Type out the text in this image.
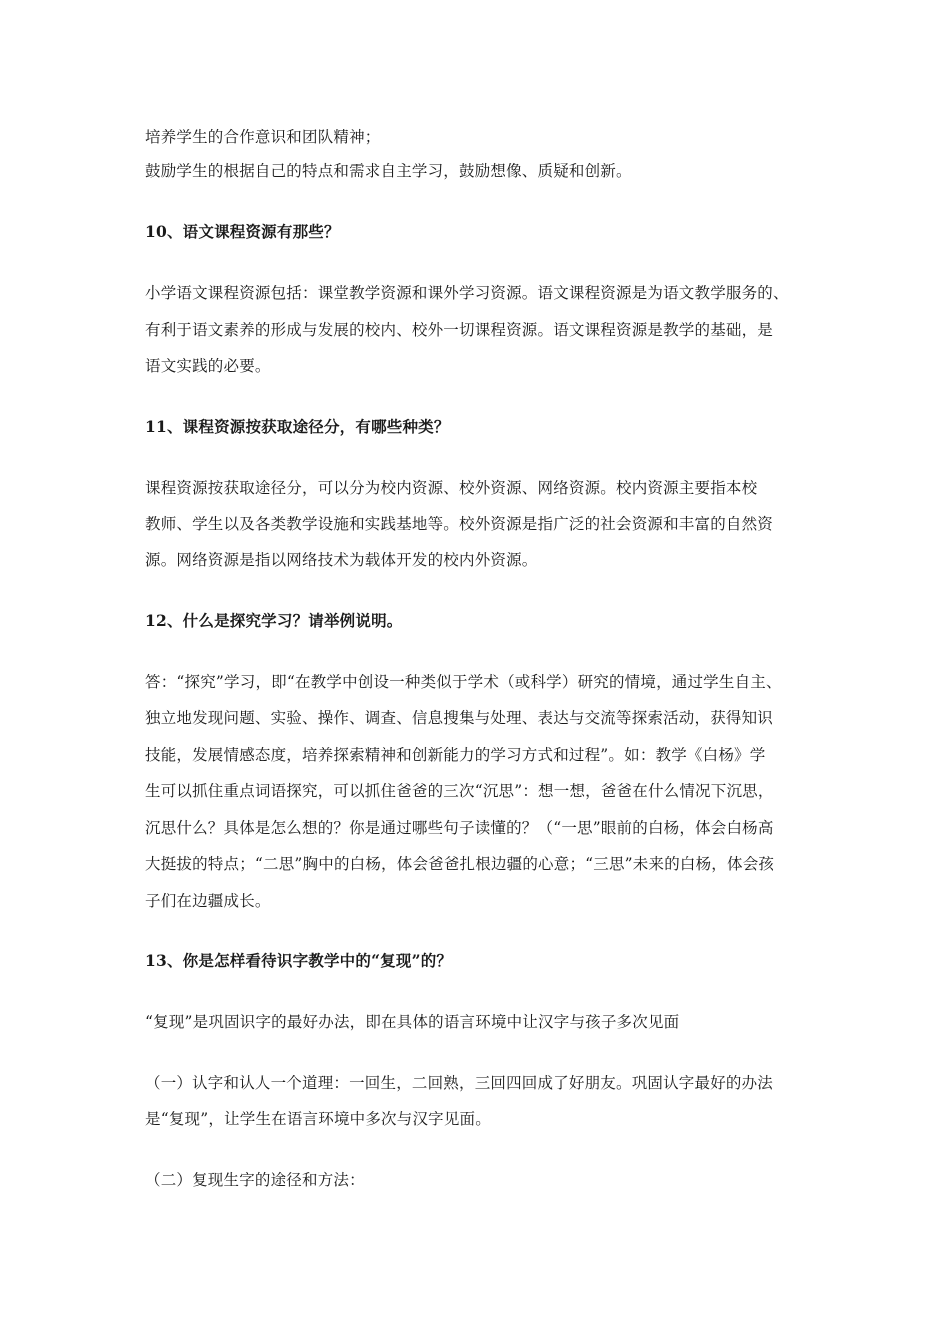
培养学生的合作意识和团队精神；
鼓励学生的根据自己的特点和需求自主学习，鼓励想像、质疑和创新。
10、语文课程资源有那些？
小学语文课程资源包括：课堂教学资源和课外学习资源。语文课程资源是为语文教学服务的、
有利于语文素养的形成与发展的校内、校外一切课程资源。语文课程资源是教学的基础，是
语文实践的必要。
11、课程资源按获取途径分，有哪些种类？
课程资源按获取途径分，可以分为校内资源、校外资源、网络资源。校内资源主要指本校
教师、学生以及各类教学设施和实践基地等。校外资源是指广泛的社会资源和丰富的自然资
源。网络资源是指以网络技术为载体开发的校内外资源。
12、什么是探究学习？请举例说明。
答：“探究”学习，即“在教学中创设一种类似于学术（或科学）研究的情境，通过学生自主、
独立地发现问题、实验、操作、调查、信息搜集与处理、表达与交流等探索活动，获得知识
技能，发展情感态度，培养探索精神和创新能力的学习方式和过程”。如：教学《白杨》学
生可以抓住重点词语探究，可以抓住爸爸的三次“沉思”：想一想，爸爸在什么情况下沉思，
沉思什么？具体是怎么想的？你是通过哪些句子读懂的？（“一思”眼前的白杨，体会白杨高
大挺拔的特点；“二思”胸中的白杨，体会爸爸扎根边疆的心意；“三思”未来的白杨，体会孩
子们在边疆成长。
13、你是怎样看待识字教学中的“复现”的？
“复现”是巩固识字的最好办法，即在具体的语言环境中让汉字与孩子多次见面
（一）认字和认人一个道理：一回生，二回熟，三回四回成了好朋友。巩固认字最好的办法
是“复现”，让学生在语言环境中多次与汉字见面。
（二）复现生字的途径和方法：
